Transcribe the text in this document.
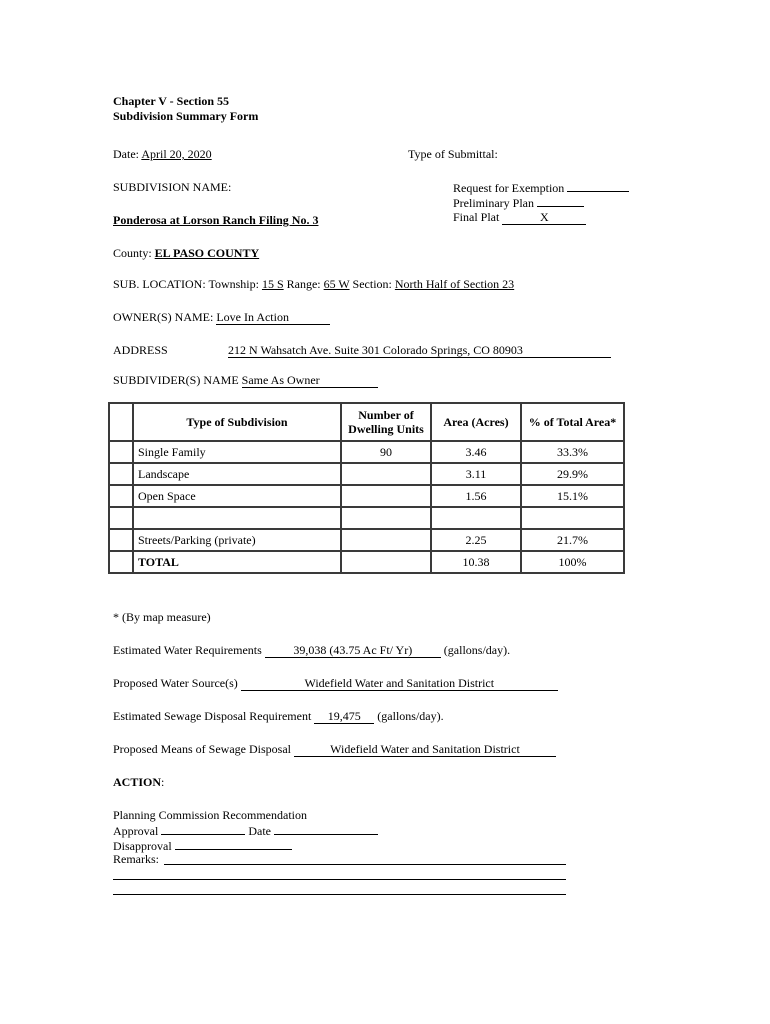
Chapter V - Section 55
Subdivision Summary Form
Date: April 20, 2020	Type of Submittal:
SUBDIVISION NAME:	Request for Exemption
Preliminary Plan
Final Plat	X
Ponderosa at Lorson Ranch Filing No. 3
County: EL PASO COUNTY
SUB. LOCATION: Township: 15 S Range: 65 W Section: North Half of Section 23
OWNER(S) NAME: Love In Action
ADDRESS	212 N Wahsatch Ave. Suite 301 Colorado Springs, CO 80903
SUBDIVIDER(S) NAME Same As Owner
	Type of Subdivision	Number of Dwelling Units	Area (Acres)	% of Total Area*
	Single Family	90	3.46	33.3%
	Landscape		3.11	29.9%
	Open Space		1.56	15.1%

	Streets/Parking (private)		2.25	21.7%
	TOTAL		10.38	100%
* (By map measure)
Estimated Water Requirements	39,038 (43.75 Ac Ft/ Yr)	(gallons/day).
Proposed Water Source(s)	Widefield Water and Sanitation District
Estimated Sewage Disposal Requirement 19,475 (gallons/day).
Proposed Means of Sewage Disposal	Widefield Water and Sanitation District
ACTION:
Planning Commission Recommendation
Approval	Date
Disapproval
Remarks:
